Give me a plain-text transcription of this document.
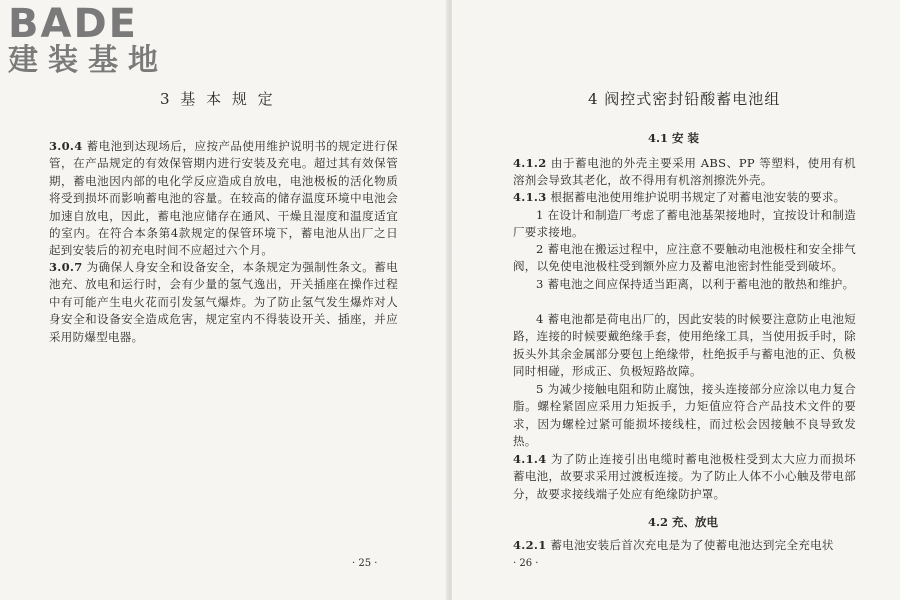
BADE
建装基地
3 基 本 规 定
3.0.4 蓄电池到达现场后，应按产品使用维护说明书的规定进行保管，在产品规定的有效保管期内进行安装及充电。超过其有效保管期，蓄电池因内部的电化学反应造成自放电，电池极板的活化物质将受到损坏而影响蓄电池的容量。在较高的储存温度环境中电池会加速自放电，因此，蓄电池应储存在通风、干燥且湿度和温度适宜的室内。在符合本条第4款规定的保管环境下，蓄电池从出厂之日起到安装后的初充电时间不应超过六个月。
3.0.7 为确保人身安全和设备安全，本条规定为强制性条文。蓄电池充、放电和运行时，会有少量的氢气逸出，开关插座在操作过程中有可能产生电火花而引发氢气爆炸。为了防止氢气发生爆炸对人身安全和设备安全造成危害，规定室内不得装设开关、插座，并应采用防爆型电器。
· 25 ·
4 阀控式密封铅酸蓄电池组
4.1 安 装
4.1.2 由于蓄电池的外壳主要采用 ABS、PP 等塑料，使用有机溶剂会导致其老化，故不得用有机溶剂擦洗外壳。
4.1.3 根据蓄电池使用维护说明书规定了对蓄电池安装的要求。
1 在设计和制造厂考虑了蓄电池基架接地时，宜按设计和制造厂要求接地。
2 蓄电池在搬运过程中，应注意不要触动电池极柱和安全排气阀，以免使电池极柱受到额外应力及蓄电池密封性能受到破坏。
3 蓄电池之间应保持适当距离，以利于蓄电池的散热和维护。
4 蓄电池都是荷电出厂的，因此安装的时候要注意防止电池短路，连接的时候要戴绝缘手套，使用绝缘工具，当使用扳手时，除扳头外其余金属部分要包上绝缘带，杜绝扳手与蓄电池的正、负极同时相碰，形成正、负极短路故障。
5 为减少接触电阻和防止腐蚀，接头连接部分应涂以电力复合脂。螺栓紧固应采用力矩扳手，力矩值应符合产品技术文件的要求，因为螺栓过紧可能损坏接线柱，而过松会因接触不良导致发热。
4.1.4 为了防止连接引出电缆时蓄电池极柱受到太大应力而损坏蓄电池，故要求采用过渡板连接。为了防止人体不小心触及带电部分，故要求接线端子处应有绝缘防护罩。
4.2 充、放电
4.2.1 蓄电池安装后首次充电是为了使蓄电池达到完全充电状
· 26 ·
